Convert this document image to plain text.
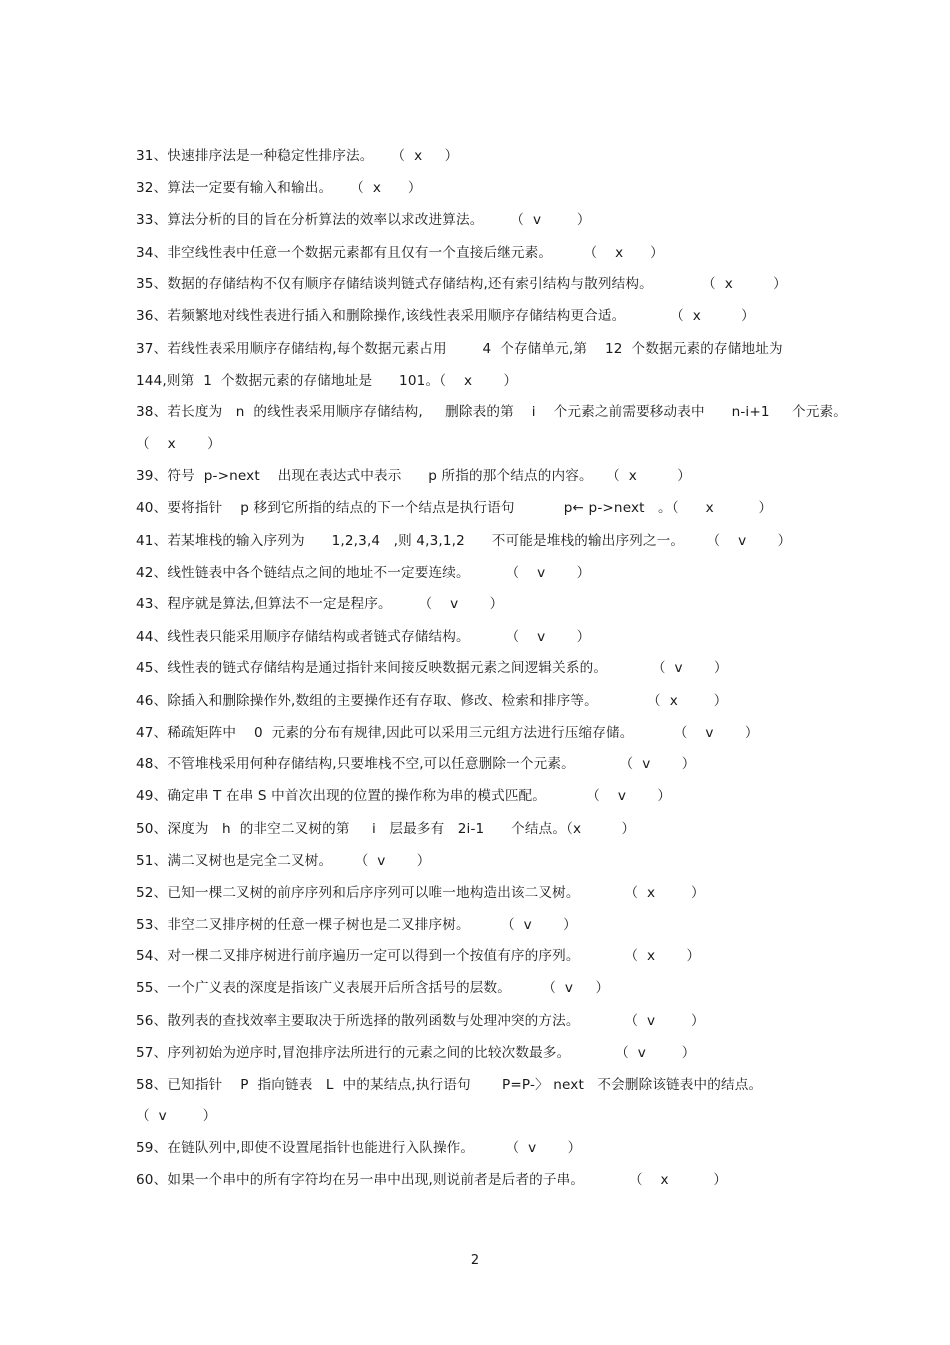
31、快速排序法是一种稳定性排序法。    （  x     ）
32、算法一定要有输入和输出。    （  x      ）
33、算法分析的目的旨在分析算法的效率以求改进算法。      （  v        ）
34、非空线性表中任意一个数据元素都有且仅有一个直接后继元素。       （    x      ）
35、数据的存储结构不仅有顺序存储结谈判链式存储结构,还有索引结构与散列结构。           （  x         ）
36、若频繁地对线性表进行插入和删除操作,该线性表采用顺序存储结构更合适。          （  x         ）
37、若线性表采用顺序存储结构,每个数据元素占用        4  个存储单元,第    12  个数据元素的存储地址为
144,则第  1  个数据元素的存储地址是      101。（    x       ）
38、若长度为   n  的线性表采用顺序存储结构,     删除表的第    i    个元素之前需要移动表中      n-i+1     个元素。
（    x       ）
39、符号  p->next    出现在表达式中表示      p 所指的那个结点的内容。   （  x         ）
40、要将指针    p 移到它所指的结点的下一个结点是执行语句           p← p->next   。（      x          ）
41、若某堆栈的输入序列为      1,2,3,4   ,则 4,3,1,2      不可能是堆栈的输出序列之一。     （    v       ）
42、线性链表中各个链结点之间的地址不一定要连续。        （    v       ）
43、程序就是算法,但算法不一定是程序。      （    v       ）
44、线性表只能采用顺序存储结构或者链式存储结构。        （    v       ）
45、线性表的链式存储结构是通过指针来间接反映数据元素之间逻辑关系的。          （  v       ）
46、除插入和删除操作外,数组的主要操作还有存取、修改、检索和排序等。           （  x        ）
47、稀疏矩阵中    0  元素的分布有规律,因此可以采用三元组方法进行压缩存储。         （    v       ）
48、不管堆栈采用何种存储结构,只要堆栈不空,可以任意删除一个元素。          （  v       ）
49、确定串 T 在串 S 中首次出现的位置的操作称为串的模式匹配。         （    v       ）
50、深度为   h  的非空二叉树的第     i   层最多有   2i-1      个结点。（x         ）
51、满二叉树也是完全二叉树。     （  v       ）
52、已知一棵二叉树的前序序列和后序序列可以唯一地构造出该二叉树。          （  x        ）
53、非空二叉排序树的任意一棵子树也是二叉排序树。       （  v       ）
54、对一棵二叉排序树进行前序遍历一定可以得到一个按值有序的序列。          （  x       ）
55、一个广义表的深度是指该广义表展开后所含括号的层数。       （  v     ）
56、散列表的查找效率主要取决于所选择的散列函数与处理冲突的方法。          （  v        ）
57、序列初始为逆序时,冒泡排序法所进行的元素之间的比较次数最多。          （  v        ）
58、已知指针    P  指向链表   L  中的某结点,执行语句       P=P-〉 next   不会删除该链表中的结点。
（  v        ）
59、在链队列中,即使不设置尾指针也能进行入队操作。       （  v       ）
60、如果一个串中的所有字符均在另一串中出现,则说前者是后者的子串。          （    x          ）
2
